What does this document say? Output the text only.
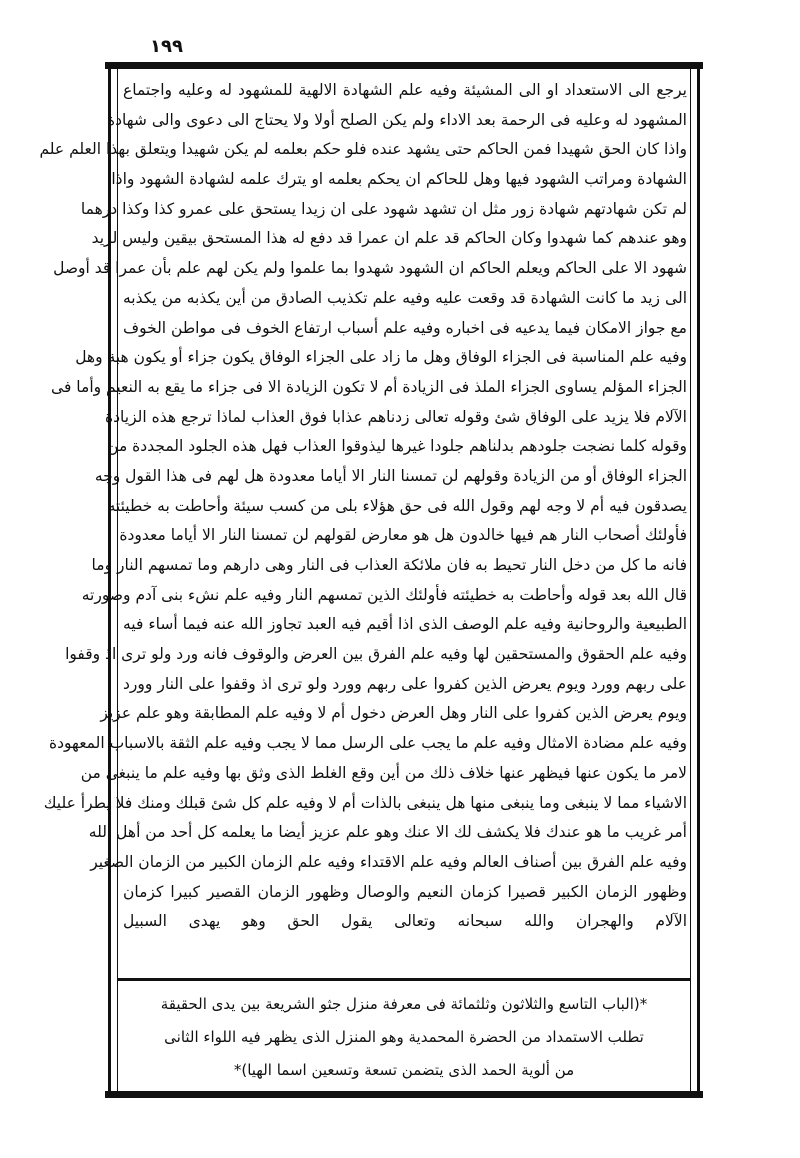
١٩٩
يرجع الى الاستعداد او الى المشيئة وفيه علم الشهادة الالهية للمشهود له وعليه واجتماع
المشهود له وعليه فى الرحمة بعد الاداء ولم يكن الصلح أولا ولا يحتاج الى دعوى والى شهادة
واذا كان الحق شهيدا فمن الحاكم حتى يشهد عنده فلو حكم بعلمه لم يكن شهيدا ويتعلق بهذا العلم علم
الشهادة ومراتب الشهود فيها وهل للحاكم ان يحكم بعلمه او يترك علمه لشهادة الشهود واذا
لم تكن شهادتهم شهادة زور مثل ان تشهد شهود على ان زيدا يستحق على عمرو كذا وكذا درهما
وهو عندهم كما شهدوا وكان الحاكم قد علم ان عمرا قد دفع له هذا المستحق بيقين وليس لزيد
شهود الا على الحاكم ويعلم الحاكم ان الشهود شهدوا بما علموا ولم يكن لهم علم بأن عمرا قد أوصل
الى زيد ما كانت الشهادة قد وقعت عليه وفيه علم تكذيب الصادق من أين يكذبه من يكذبه
مع جواز الامكان فيما يدعيه فى اخباره وفيه علم أسباب ارتفاع الخوف فى مواطن الخوف
وفيه علم المناسبة فى الجزاء الوفاق وهل ما زاد على الجزاء الوفاق يكون جزاء أو يكون هبة وهل
الجزاء المؤلم يساوى الجزاء الملذ فى الزيادة أم لا تكون الزيادة الا فى جزاء ما يقع به النعيم وأما فى
الآلام فلا يزيد على الوفاق شئ وقوله تعالى زدناهم عذابا فوق العذاب لماذا ترجع هذه الزيادة
وقوله كلما نضجت جلودهم بدلناهم جلودا غيرها ليذوقوا العذاب فهل هذه الجلود المجددة من
الجزاء الوفاق أو من الزيادة وقولهم لن تمسنا النار الا أياما معدودة هل لهم فى هذا القول وجه
يصدقون فيه أم لا وجه لهم وقول الله فى حق هؤلاء بلى من كسب سيئة وأحاطت به خطيئته
فأولئك أصحاب النار هم فيها خالدون هل هو معارض لقولهم لن تمسنا النار الا أياما معدودة
فانه ما كل من دخل النار تحيط به فان ملائكة العذاب فى النار وهى دارهم وما تمسهم النار وما
قال الله بعد قوله وأحاطت به خطيئته فأولئك الذين تمسهم النار وفيه علم نشء بنى آدم وصورته
الطبيعية والروحانية وفيه علم الوصف الذى اذا أقيم فيه العبد تجاوز الله عنه فيما أساء فيه
وفيه علم الحقوق والمستحقين لها وفيه علم الفرق بين العرض والوقوف فانه ورد ولو ترى اذ وقفوا
على ربهم وورد ويوم يعرض الذين كفروا على ربهم وورد ولو ترى اذ وقفوا على النار وورد
ويوم يعرض الذين كفروا على النار وهل العرض دخول أم لا وفيه علم المطابقة وهو علم عزيز
وفيه علم مضادة الامثال وفيه علم ما يجب على الرسل مما لا يجب وفيه علم الثقة بالاسباب المعهودة
لامر ما يكون عنها فيظهر عنها خلاف ذلك من أين وقع الغلط الذى وثق بها وفيه علم ما ينبغى من
الاشياء مما لا ينبغى وما ينبغى منها هل ينبغى بالذات أم لا وفيه علم كل شئ قبلك ومنك فلا يطرأ عليك
أمر غريب ما هو عندك فلا يكشف لك الا عنك وهو علم عزيز أيضا ما يعلمه كل أحد من أهل الله
وفيه علم الفرق بين أصناف العالم وفيه علم الاقتداء وفيه علم الزمان الكبير من الزمان الصغير
وظهور الزمان الكبير قصيرا كزمان النعيم والوصال وظهور الزمان القصير كبيرا كزمان
الآلام والهجران والله سبحانه وتعالى يقول الحق وهو يهدى السبيل
*(الباب التاسع والثلاثون وثلثمائة فى معرفة منزل جثو الشريعة بين يدى الحقيقة
تطلب الاستمداد من الحضرة المحمدية وهو المنزل الذى يظهر فيه اللواء الثانى
من ألوية الحمد الذى يتضمن تسعة وتسعين اسما الهيا)*
